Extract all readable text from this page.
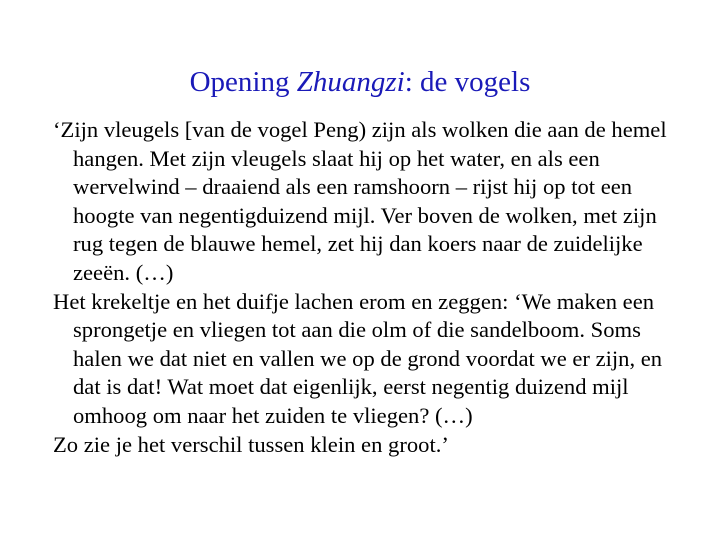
Opening Zhuangzi: de vogels

‘Zijn vleugels [van de vogel Peng) zijn als wolken die aan de hemel hangen. Met zijn vleugels slaat hij op het water, en als een wervelwind – draaiend als een ramshoorn – rijst hij op tot een hoogte van negentigduizend mijl. Ver boven de wolken, met zijn rug tegen de blauwe hemel, zet hij dan koers naar de zuidelijke zeeën. (…)

Het krekeltje en het duifje lachen erom en zeggen: ‘We maken een sprongetje en vliegen tot aan die olm of die sandelboom. Soms halen we dat niet en vallen we op de grond voordat we er zijn, en dat is dat! Wat moet dat eigenlijk, eerst negentig duizend mijl omhoog om naar het zuiden te vliegen? (…)

Zo zie je het verschil tussen klein en groot.’
